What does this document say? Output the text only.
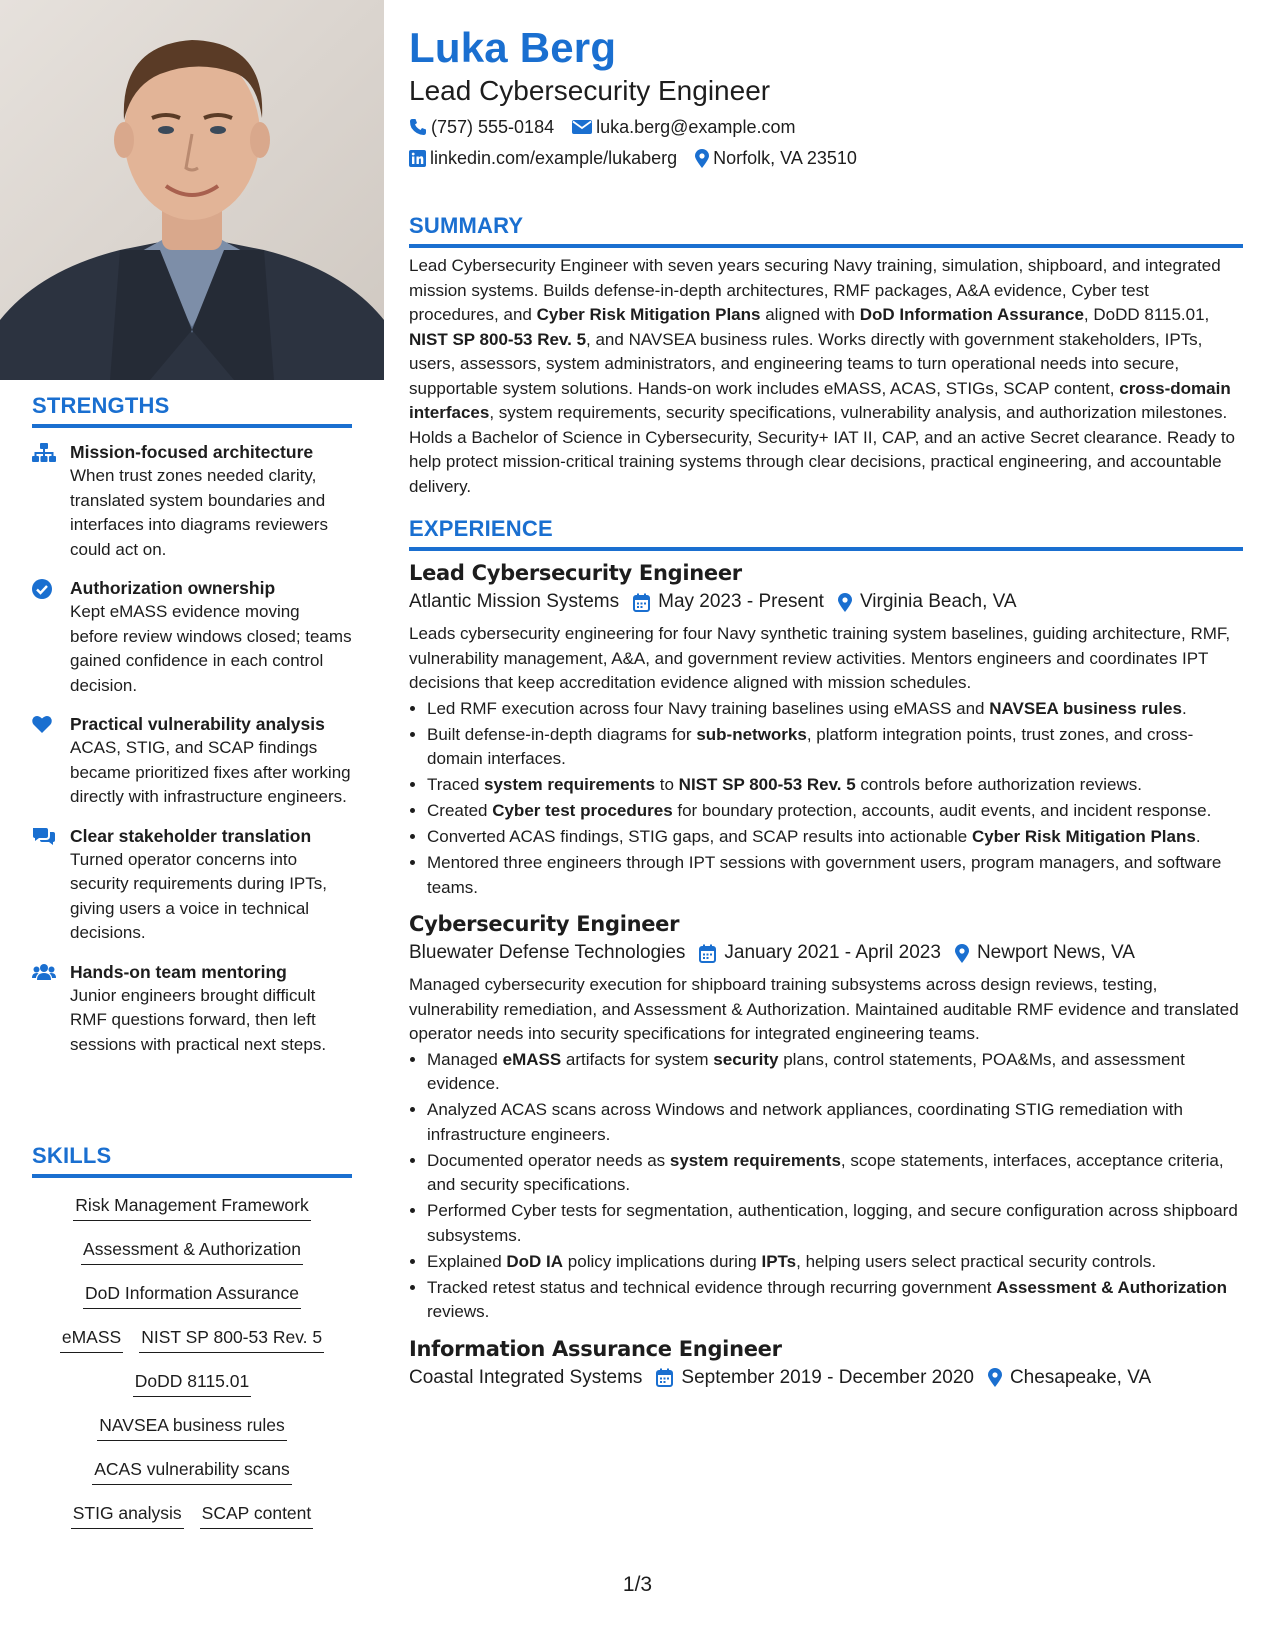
STRENGTHS
Mission-focused architecture
When trust zones needed clarity, translated system boundaries and interfaces into diagrams reviewers could act on.
Authorization ownership
Kept eMASS evidence moving before review windows closed; teams gained confidence in each control decision.
Practical vulnerability analysis
ACAS, STIG, and SCAP findings became prioritized fixes after working directly with infrastructure engineers.
Clear stakeholder translation
Turned operator concerns into security requirements during IPTs, giving users a voice in technical decisions.
Hands-on team mentoring
Junior engineers brought difficult RMF questions forward, then left sessions with practical next steps.
SKILLS
Risk Management Framework
Assessment & Authorization
DoD Information Assurance
eMASS NIST SP 800-53 Rev. 5
DoDD 8115.01
NAVSEA business rules
ACAS vulnerability scans
STIG analysis SCAP content
Luka Berg
Lead Cybersecurity Engineer
(757) 555-0184 luka.berg@example.com
linkedin.com/example/lukaberg Norfolk, VA 23510
SUMMARY
Lead Cybersecurity Engineer with seven years securing Navy training, simulation, shipboard, and integrated mission systems. Builds defense-in-depth architectures, RMF packages, A&A evidence, Cyber test procedures, and Cyber Risk Mitigation Plans aligned with DoD Information Assurance, DoDD 8115.01, NIST SP 800-53 Rev. 5, and NAVSEA business rules. Works directly with government stakeholders, IPTs, users, assessors, system administrators, and engineering teams to turn operational needs into secure, supportable system solutions. Hands-on work includes eMASS, ACAS, STIGs, SCAP content, cross-domain interfaces, system requirements, security specifications, vulnerability analysis, and authorization milestones. Holds a Bachelor of Science in Cybersecurity, Security+ IAT II, CAP, and an active Secret clearance. Ready to help protect mission-critical training systems through clear decisions, practical engineering, and accountable delivery.
EXPERIENCE
Lead Cybersecurity Engineer
Atlantic Mission Systems May 2023 - Present Virginia Beach, VA
Leads cybersecurity engineering for four Navy synthetic training system baselines, guiding architecture, RMF, vulnerability management, A&A, and government review activities. Mentors engineers and coordinates IPT decisions that keep accreditation evidence aligned with mission schedules.
• Led RMF execution across four Navy training baselines using eMASS and NAVSEA business rules.
• Built defense-in-depth diagrams for sub-networks, platform integration points, trust zones, and cross-domain interfaces.
• Traced system requirements to NIST SP 800-53 Rev. 5 controls before authorization reviews.
• Created Cyber test procedures for boundary protection, accounts, audit events, and incident response.
• Converted ACAS findings, STIG gaps, and SCAP results into actionable Cyber Risk Mitigation Plans.
• Mentored three engineers through IPT sessions with government users, program managers, and software teams.
Cybersecurity Engineer
Bluewater Defense Technologies January 2021 - April 2023 Newport News, VA
Managed cybersecurity execution for shipboard training subsystems across design reviews, testing, vulnerability remediation, and Assessment & Authorization. Maintained auditable RMF evidence and translated operator needs into security specifications for integrated engineering teams.
• Managed eMASS artifacts for system security plans, control statements, POA&Ms, and assessment evidence.
• Analyzed ACAS scans across Windows and network appliances, coordinating STIG remediation with infrastructure engineers.
• Documented operator needs as system requirements, scope statements, interfaces, acceptance criteria, and security specifications.
• Performed Cyber tests for segmentation, authentication, logging, and secure configuration across shipboard subsystems.
• Explained DoD IA policy implications during IPTs, helping users select practical security controls.
• Tracked retest status and technical evidence through recurring government Assessment & Authorization reviews.
Information Assurance Engineer
Coastal Integrated Systems September 2019 - December 2020 Chesapeake, VA
1/3
